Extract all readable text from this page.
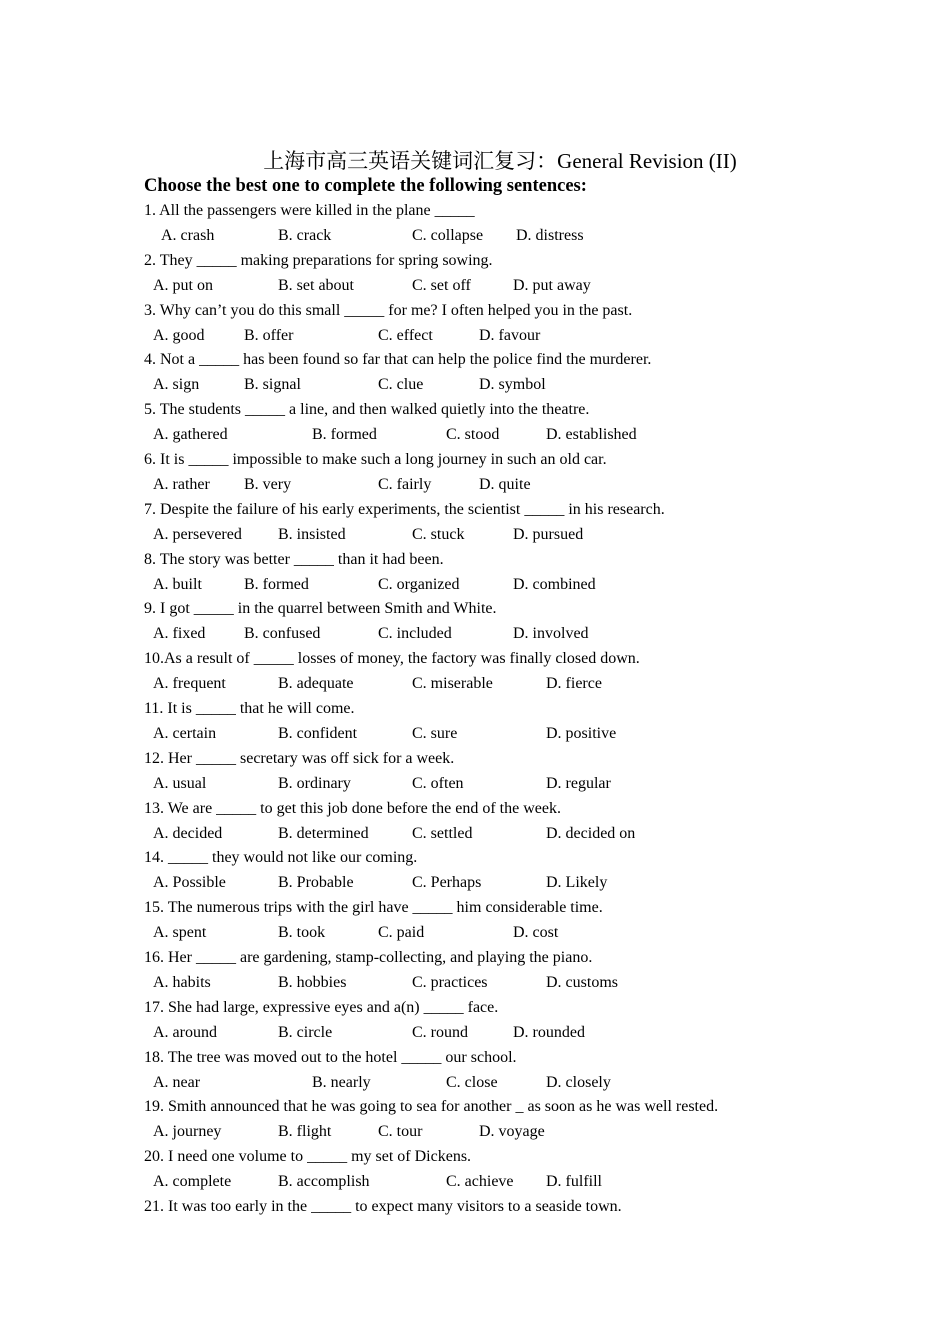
上海市高三英语关键词汇复习：General Revision (II)
Choose the best one to complete the following sentences:
1. All the passengers were killed in the plane _____
A. crash	B. crack	C. collapse D. distress
2. They _____ making preparations for spring sowing.
A. put on	B. set about	C. set off	D. put away
3. Why can’t you do this small _____ for me? I often helped you in the past.
A. good B. offer	C. effect	D. favour
4. Not a _____ has been found so far that can help the police find the murderer.
A. sign	B. signal	C. clue	D. symbol
5. The students _____ a line, and then walked quietly into the theatre.
A. gathered	B. formed	C. stood	D. established
6. It is _____ impossible to make such a long journey in such an old car.
A. rather B. very	C. fairly	D. quite
7. Despite the failure of his early experiments, the scientist _____ in his research.
A. persevered B. insisted	C. stuck	D. pursued
8. The story was better _____ than it had been.
A. built	B. formed	C. organized	D. combined
9. I got _____ in the quarrel between Smith and White.
A. fixed B. confused	C. included	D. involved
10.As a result of _____ losses of money, the factory was finally closed down.
A. frequent	B. adequate	C. miserable	D. fierce
11. It is _____ that he will come.
A. certain	B. confident	C. sure	D. positive
12. Her _____ secretary was off sick for a week.
A. usual	B. ordinary	C. often	D. regular
13. We are _____ to get this job done before the end of the week.
A. decided	B. determined	C. settled	D. decided on
14. _____ they would not like our coming.
A. Possible	B. Probable	C. Perhaps	D. Likely
15. The numerous trips with the girl have _____ him considerable time.
A. spent	B. took	C. paid	D. cost
16. Her _____ are gardening, stamp-collecting, and playing the piano.
A. habits	B. hobbies	C. practices	D. customs
17. She had large, expressive eyes and a(n) _____ face.
A. around	B. circle	C. round	D. rounded
18. The tree was moved out to the hotel _____ our school.
A. near	B. nearly	C. close	D. closely
19. Smith announced that he was going to sea for another _ as soon as he was well rested.
A. journey	B. flight	C. tour	D. voyage
20. I need one volume to _____ my set of Dickens.
A. complete	B. accomplish	C. achieve D. fulfill
21. It was too early in the _____ to expect many visitors to a seaside town.
